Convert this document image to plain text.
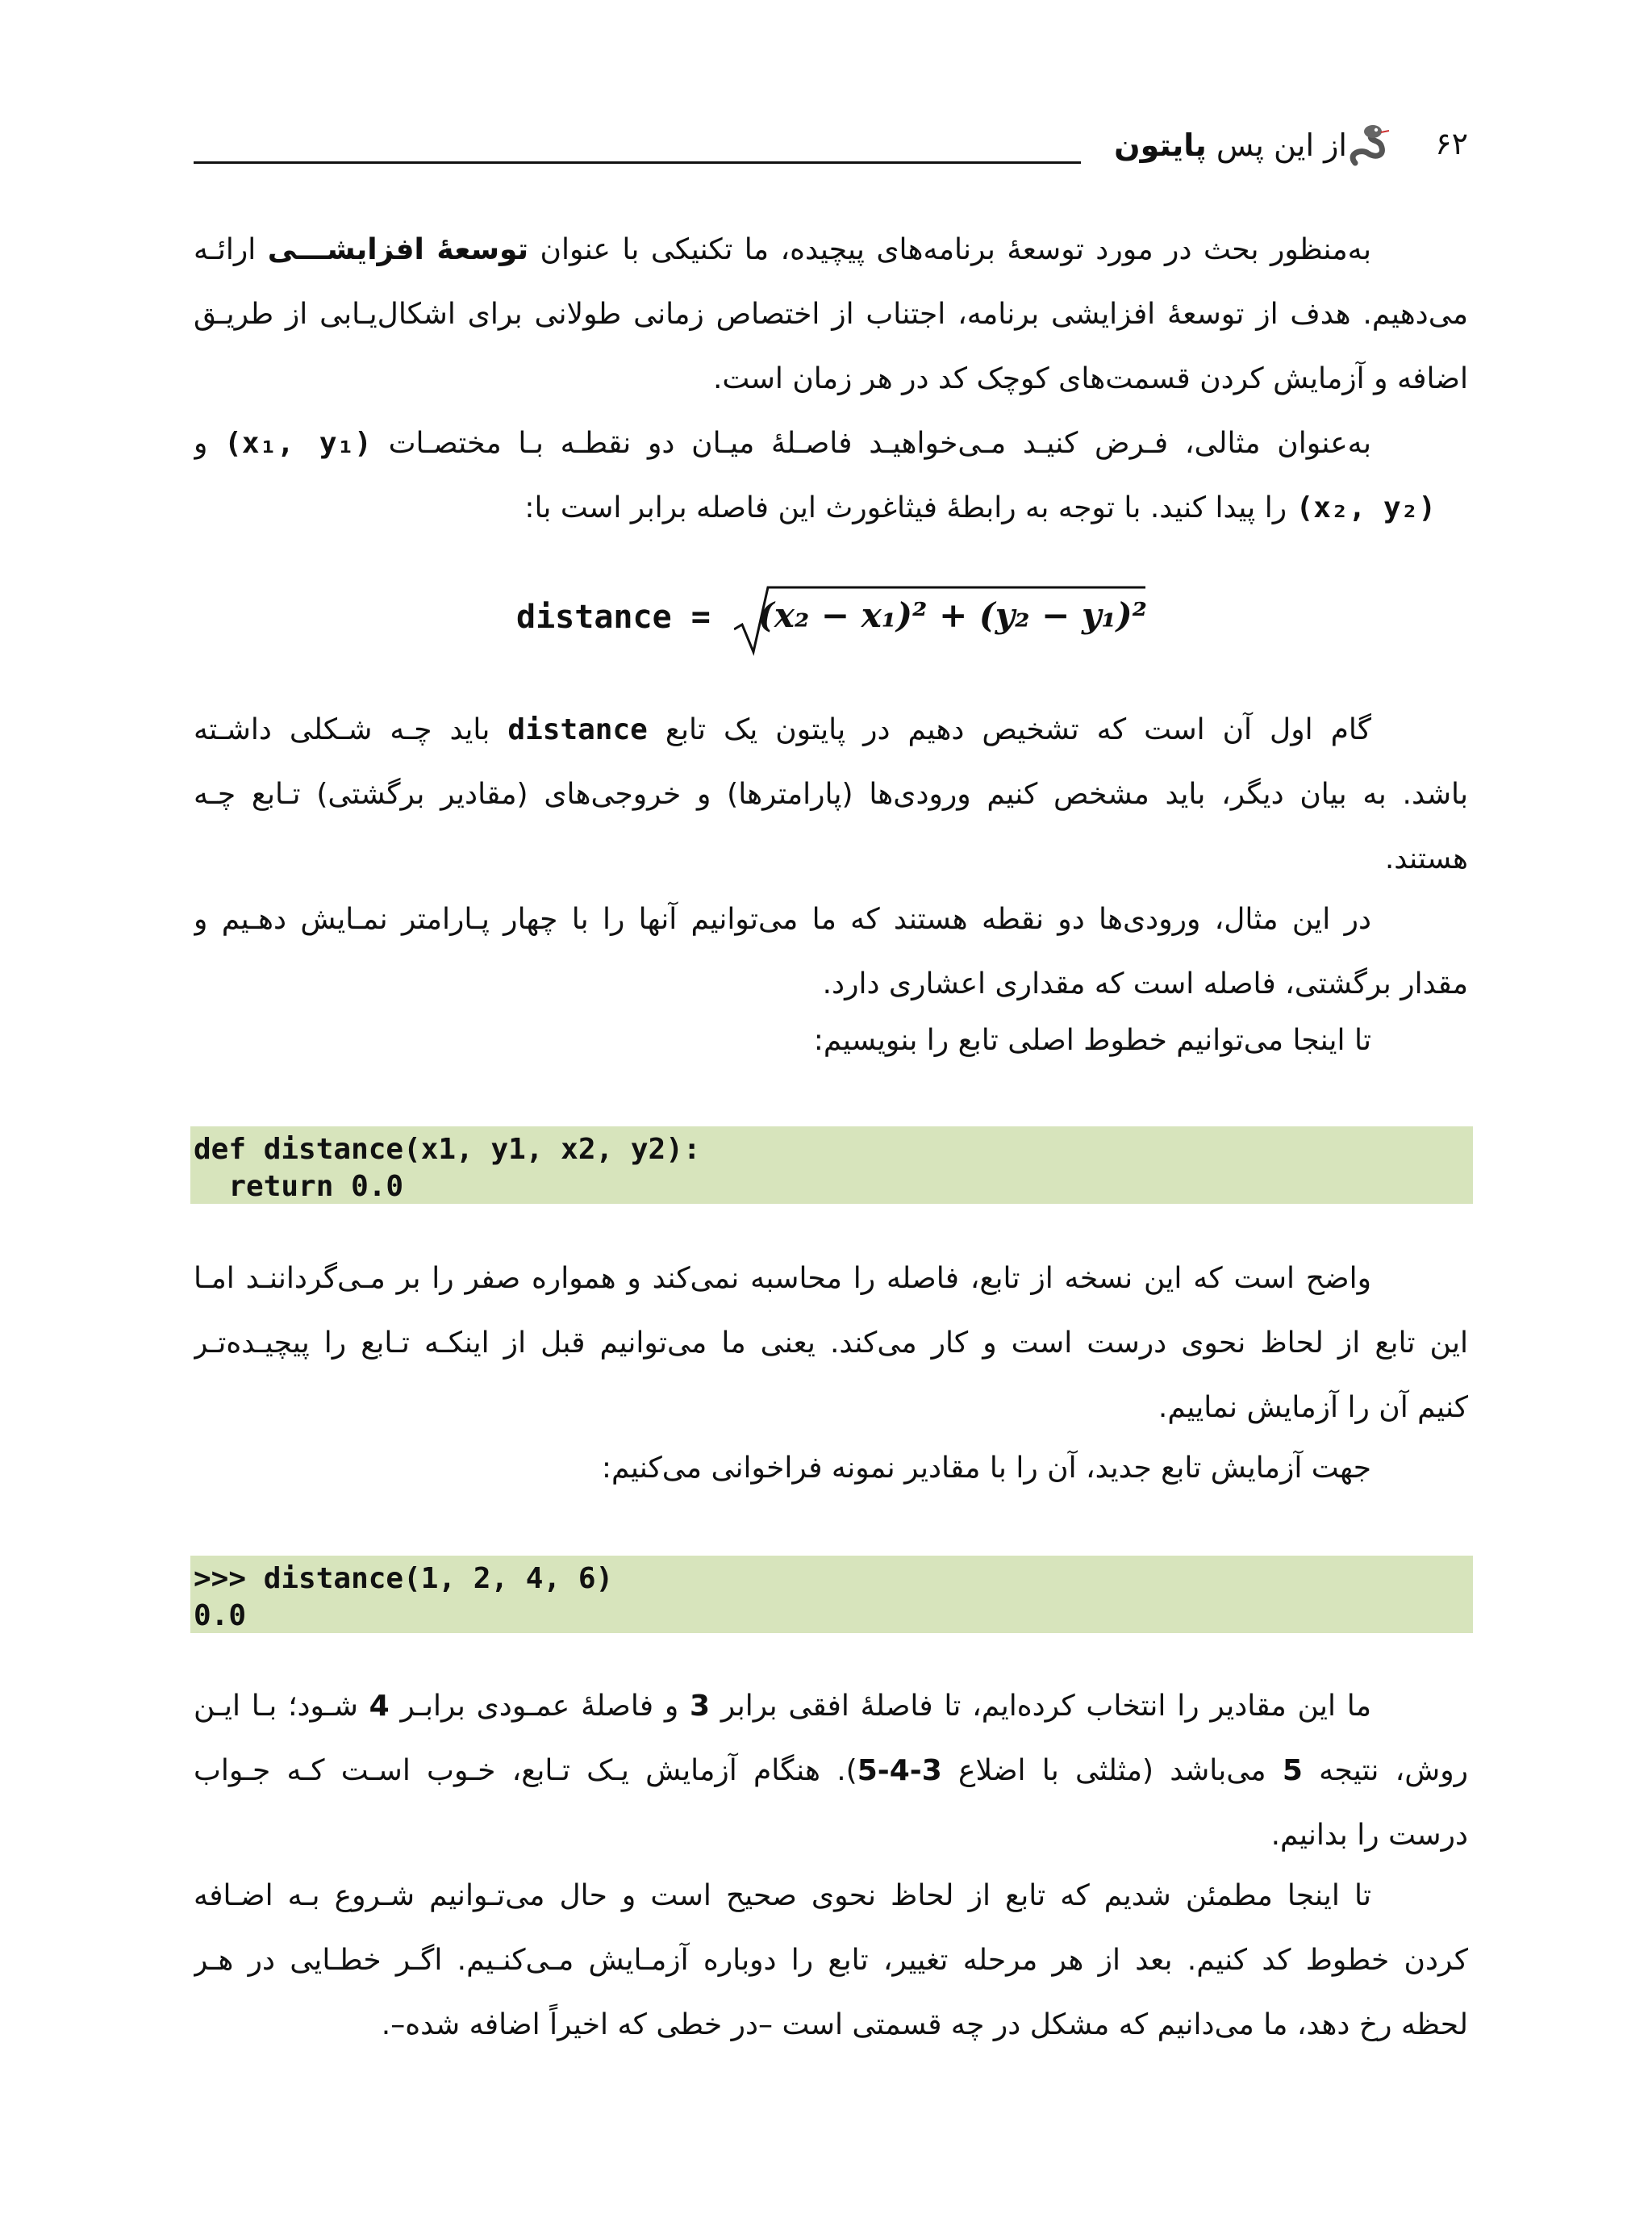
از این پس پایتون	۶۲
به‌منظور بحث در مورد توسعهٔ برنامه‌های پیچیده، ما تکنیکی با عنوان توسعهٔ افزایشـــی ارائـه
می‌دهیم. هدف از توسعهٔ افزایشی برنامه، اجتناب از اختصاص زمانی طولانی برای اشکال‌یـابی از طریـق
اضافه و آزمایش کردن قسمت‌های کوچک کد در هر زمان است.
به‌عنوان مثالی، فـرض کنیـد مـی‌خواهیـد فاصـلهٔ میـان دو نقطـه بـا مختصـات (x₁, y₁) و
(x₂, y₂) را پیدا کنید. با توجه به رابطهٔ فیثاغورث این فاصله برابر است با:
distance = (x₂ − x₁)² + (y₂ − y₁)²
گام اول آن است که تشخیص دهیم در پایتون یک تابع distance باید چـه شـکلی داشـته
باشد. به بیان دیگر، باید مشخص کنیم ورودی‌ها (پارامترها) و خروجی‌های (مقادیر برگشتی) تـابع چـه
هستند.
در این مثال، ورودی‌ها دو نقطه هستند که ما می‌توانیم آنها را با چهار پـارامتر نمـایش دهـیم و
مقدار برگشتی، فاصله است که مقداری اعشاری دارد.
تا اینجا می‌توانیم خطوط اصلی تابع را بنویسیم:
def distance(x1, y1, x2, y2):
return 0.0
واضح است که این نسخه از تابع، فاصله را محاسبه نمی‌کند و همواره صفر را بر مـی‌گرداننـد امـا
این تابع از لحاظ نحوی درست است و کار می‌کند. یعنی ما می‌توانیم قبل از اینکـه تـابع را پیچیـده‌تـر
کنیم آن را آزمایش نماییم.
جهت آزمایش تابع جدید، آن را با مقادیر نمونه فراخوانی می‌کنیم:
>>> distance(1, 2, 4, 6)
0.0
ما این مقادیر را انتخاب کرده‌ایم، تا فاصلهٔ افقی برابر 3 و فاصلهٔ عمـودی برابـر 4 شـود؛ بـا ایـن
روش، نتیجه 5 می‌باشد (مثلثی با اضلاع 3-4-5). هنگام آزمایش یـک تـابع، خـوب اسـت کـه جـواب
درست را بدانیم.
تا اینجا مطمئن شدیم که تابع از لحاظ نحوی صحیح است و حال می‌تـوانیم شـروع بـه اضـافه
کردن خطوط کد کنیم. بعد از هر مرحله تغییر، تابع را دوباره آزمـایش مـی‌کنـیم. اگـر خطـایی در هـر
لحظه رخ دهد، ما می‌دانیم که مشکل در چه قسمتی است –در خطی که اخیراً اضافه شده–.
